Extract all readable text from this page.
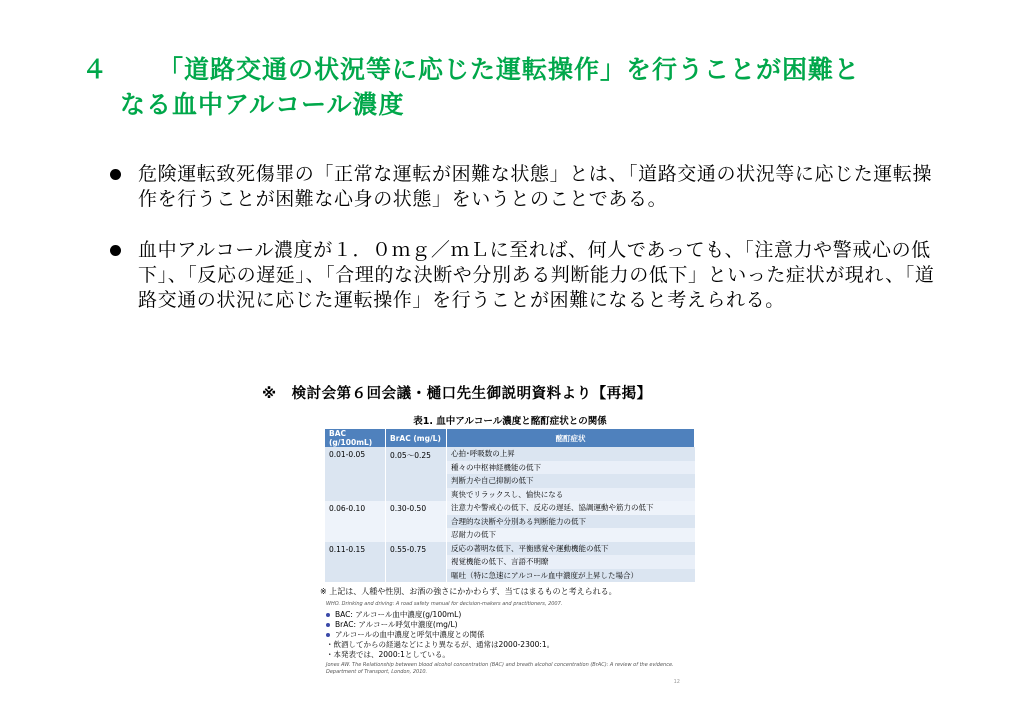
４ 「道路交通の状況等に応じた運転操作」を行うことが困難と
なる血中アルコール濃度
危険運転致死傷罪の「正常な運転が困難な状態」とは、「道路交通の状況等に応じた運転操作を行うことが困難な心身の状態」をいうとのことである。
血中アルコール濃度が１．０ｍｇ／ｍＬに至れば、何人であっても、「注意力や警戒心の低下」、「反応の遅延」、「合理的な決断や分別ある判断能力の低下」といった症状が現れ、「道路交通の状況に応じた運転操作」を行うことが困難になると考えられる。
※　検討会第６回会議・樋口先生御説明資料より【再掲】
表1. 血中アルコール濃度と酩酊症状との関係
BAC (g/100mL)	BrAC (mg/L)	酩酊症状
0.01-0.05	0.05〜0.25	心拍･呼吸数の上昇
		種々の中枢神経機能の低下
		判断力や自己抑制の低下
		爽快でリラックスし、愉快になる
0.06-0.10	0.30-0.50	注意力や警戒心の低下、反応の遅延、協調運動や筋力の低下
		合理的な決断や分別ある判断能力の低下
		忍耐力の低下
0.11-0.15	0.55-0.75	反応の著明な低下、平衡感覚や運動機能の低下
		視覚機能の低下、言語不明瞭
		嘔吐（特に急速にアルコール血中濃度が上昇した場合）
※ 上記は、人種や性別、お酒の強さにかかわらず、当てはまるものと考えられる。
WHO. Drinking and driving: A road safety manual for decision-makers and practitioners, 2007.
BAC: アルコール血中濃度(g/100mL)
BrAC: アルコール呼気中濃度(mg/L)
アルコールの血中濃度と呼気中濃度との関係
・飲酒してからの経過などにより異なるが、通常は2000-2300:1。
・本発表では、2000:1としている。
Jones AW. The Relationship between blood alcohol concentration (BAC) and breath alcohol concentration (BrAC): A review of the evidence. Department of Transport, London, 2010.
12
